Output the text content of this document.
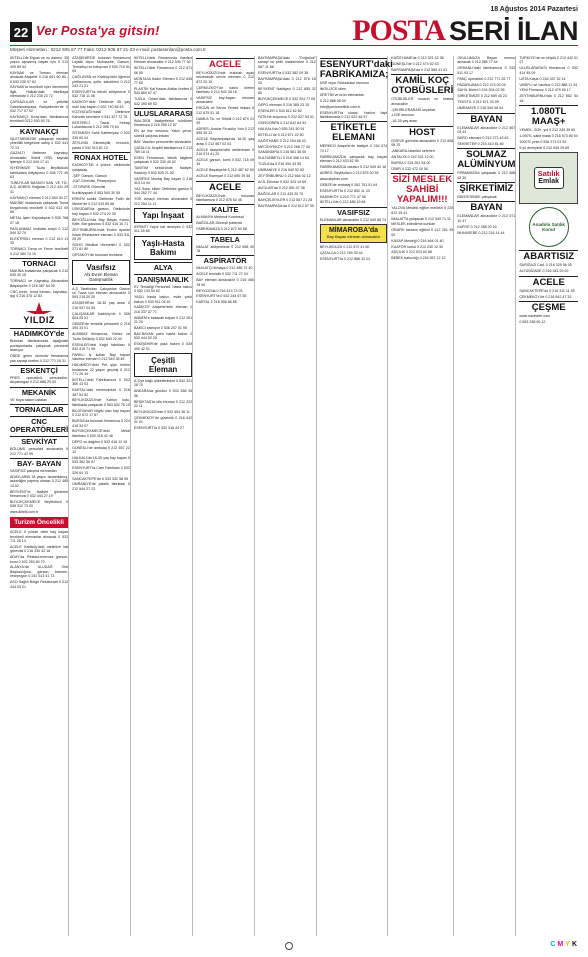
18 Ağustos 2014 Pazartesi
22 Ver Posta'ya gitsin!	POSTA SERİ İLAN
Müşteri Hizmetleri : 0212 505 67 77 Faks: 0212 505 67 21-23 e-mail: postaserilan@posta.com.tr
İKİTELLİ'de Eşyalı ve ısı dairesi, 35 yaşını aşmamış bayan için 0 212 409 89 54
KAYNAK ve Tornacı eleman alınacak Ataşehir 0 216 661 60 80 - 0 532 236 07 62
KAYNAK'ta tecrübeli işler demirlerle ilgili, Halkalı'daki fabrikaya elemanlar 0 212 235 23 72
ÇAYKAZLILAR ve yetkilisi Gaziosmanpaşa, Bahçelievler'de 0 532 717 07 02
KAYNAKÇI Kıraç'daki fabrikamıza tecrübeli 0212 530 93 76
KAYNAKÇI
İŞLETMEMİZDE çalışacak mesleki yeterlilik belgesine sahip 0 532 441 72 13
GAZALTI ötelenen kaynakçı alınacaktır, İkitelli OSB, kaynak işleriyle 0 212 549 17 41
İŞYERİMİZE Tuzla Beylikdüzü fabrikalara ihtiyaçımız 0 536 771 40 63
TUNUYLAR BASKISI SAN. VE TİC. A.Ş. ADRES: Bağcılar 0 212 441 29 41
KAYNAKÇI eleman 0 212 549 30 27
MAKİNE imalatında çalışacak Torna tezgahında tecrübeli 0 532 613 00 89
METAL İşleri Kaynakçılar 0 535 768 07 18
PASLANMAZ imalatta araçtı 0 212 549 32 79
ELEKTRİKLİ eleman 0 212 614 11 30
TORNACI Torna ve Freze tecrübeli 0 212 484 74 10
TORNACI
MAKİNA imalatında çalışacak 0 212 630 30 15
TORNACI ve Kaynakçı Alınacaktır Başakşehir 0 216 387 84 09
CNC freze, torna tornacı, kaynakçı, işçi 0 216 375 12 83
YILDIZ
HADIMKÖY'de
Bulunan fabrikamızda aşağıdaki pozisyonlarda çalışacak personel aranıyor
ÖNDE gelen otomotiv firmalarına yan sanayi üretimi 0 212 771 29 31
ESKENTÇİ
PRES operatörü, personeller, Akçaburgaz 0 212 886 29 53
MEKANİK
VE boya bakım ustaları
TORNACILAR
CNC OPERATÖRLERİ
SEVKİYAT
BÖLÜMÜ personeli alınacaktır 0 212 771 42 99
BAY- BAYAN
VASIFSIZ çalışma elemanları
ADAYLARIN 18 yaşını tamamlamış, askerliğini yapmış olması 0 212 485 14 62
BEYKENT'te faaliyet gösteren firmamıza 0 532 443 27 19
BÜYÜKÇEKMECE Beylikdüzü 0 538 312 73 00
www.ikitelli.com.tr
Turizm Öncelikli
ACELE 5 yıldızlı otele bay bayan tecrübeli elemanlar alınacak 0 532 711 28 14
ACELE Kadıköy'deki otelimize kat görevlisi 0 216 330 43 18
ADAY'da Restaurantımıza garson, komi 0 532 263 80 70
ALANYA'da ULUDAĞ Otel Başkanlığına, garson, barmen, resepsiyon 0 242 513 41 73
ASO Sağlık Bölge Restaurant 0 212 444 03 21
ATAŞEHİR'DE bulunan firmamızın Lojistik depo, Muhasebe, Garson, Temizlikçi ve bahçıvan 0 530 710 51 00
ÇAĞLAYAN ve Kurtköy'deki öğrenci yurtlarımıza, şoför, kaloriferci 0 212 243 21 21
ESENYURT'ta tekstil atölyemize 0 532 718 11 06
KADIKÖY'deki Otellerde 45 yaş üstü bay bayan 0 532 740 56 43
KOZYATAĞI'ndaki Otelimize Kahvaltı servisine 0 541 327 72 76
KESTİRİCİ Tavuk Kebap Lokantasına 0 212 396 79 64
SİTEMİZİN Sahil Kafeteryası 0 532 335 60 04
ZEYLİNDİ Ekmekçilik, fırıncılık, pasta 0 532 513 81 13
RONAX HOTEL
KADIKÖY'DE 4 yıldızlı, otelimizde çalışacak
-ŞEF Garson, Garson
-KAT Görevlisi, Resepsiyon
-STOPARK Görevlisi
Kurtköyspark 0 553 500 30 55
ERKEN sahibi Otellerde Fatih de Merter'de 0 212 519 69 66
ÜSKÜDAR'da garson, Otelimizde bay bayan 0 532 274 22 30
BEYOĞLU'nda Bay Bayan Kamu, Kafe, Bar garsonu 0 532 416 16 71
ZEYTİNBURNU'nda Evden ayarlar İslam Restaurant eleman 0 533 511 25 20
SOHO Medikal Hizmetleri 0 532 271 81 80
ORTAKÖY'de bulunan rezidans
Vasıfsız
Ahi Evren Eleman Danışmanlık
A.Ş Tarafından Çalışanları Gebze ve Tuzla için eleman alınacaktır 0 505 214 20 20
ATAŞEHİR'de 18-30 yaş arası 0 216 537 04 59
ÇALIŞANLAR Kadıköy'de 0 536 603 25 51
GEBZE'de temizlik personeli 0 216 394 33 01
ALIMIMIZ firmamıza, Gebze ve Tuzla Sefaköy 0 532 644 22 40
ESENLER'deki Kağıt fabrikası 0 532 410 71 98
FARKLI iş kolları Bay bayan Vasıfsız eleman 0 212 549 35 45
HADIMKÖY'deki Pet şişe üretim tesisimize 22 yaşını geçmiş 0 212 771 26 44
İKİTELLİ'deki Fabrikamıza 0 532 360 43 03
KARTAL'daki merkezimize 0 216 387 54 52
BEYLİKDÜZÜ'nde Karton kutu, fabrikada çalışacak 0 553 832 76 10
BİLGİSAYAR bilgisi olan bay bayan 0 212 672 17 87
BURSA'da bulunan firmamıza 0 224 410 34 07
BÜYÜKÇEKMECE'deki Metal fabrikası 0 530 318 42 48
DEPO ve dağıtım 0 532 416 12 15
GÜNEŞLİ'de ambalaj 0 212 657 22 12
HALKALI'da 18-35 yaş bay bayan 0 533 362 56 87
ESENYURT'ta Cam Fabrikası 0 532 326 64 13
SANCAKTEPE'de 0 533 342 58 95
ÜMRANİYE'de plastik fabrikası 0 212 544 27 23
İKİTELLİ'deki Firmamızda Vasıfsız Eleman alınacaktır 0 212 549 77 92
İKİTELLİ'deki Firmamıza 0 212 671 06 55
MONTAJA Kadın Elemen 0 212 635 77 65
PLASTİK Kal Kasrat Atıklar üretimi 0 543 860 67 47
TUZLA Ortam'daki fabrikamıza 0 532 390 69 53
ULUSLARARASI
İNAL'DEN faaliyetlerini sürdüren firmamıza 0 216 395 12 87
EN az lise mezunu, Yakın çevre, sürekli çalışma imkanı
BAY, Vasıfsız personeller alınacaktır
ÇATALCA, Kuşdili fabrikamıza 0 212 789 18 11
ESEN Firmamıza, teknik bilgilere çalışacak 0 532 330 40 02
TANITIM sektöründe faaliyet, Kadıköy 0 532 625 21 52
VASIFSIZ Montaj Bay bayan 0 216 313 14 44
YAZ Sonu ekleri Otelimize garson 0 544 262 77 44
YOK Amaçlı eleman alınacaktır 0 212 254 11 11
Yapı İnşaat
AYRINTI Yapılı kat deneyim 0 532 311 45 65
Yaşlı-Hasta Bakımı
ALYA
DANIŞMANLIK
EV Temizliği Personeli, hasta bakıcı 0 532 133 54 62
YAŞLI hasta bakıcı, evde yatılı bakım 0 530 911 04 30
KADIKÖY Ataşehir'deki eleman 0 216 337 37 71
ANNEM'e bakacak bayan 0 212 261 21 20
BAKICI aranıyor 0 536 207 01 95
BAY-BAYAN yatılı hasta bakıcı 0 532 444 52 25
ESKİŞEHİR'de yaşlı bakım 0 539 490 42 01
Çeşitli Eleman
A.Ş'ye bağlı şirketlerimize 0 532 321 28 70
ANKARA'da gündüz 0 533 266 35 56
BEŞİKTAŞ'ta ofis eleman 0 212 222 22 11
BEYLİKDÜZÜ'nde 0 532 404 36 11
ÇEKMEKÖY'de güvenlik 0 216 642 01 01
ESENYURT'ta 0 532 318 44 27
ACELE
BEYLİKDÜZÜ'nde bulunan ayak müzesinde servis elemanı 0 212 872 20 15
ÇERKEZKÖY'de kablo üretim fabrikası 0 212 641 38 16
VASIFSIZ bay-bayan eleman alınacaktır
ERGUN ve Servis Yemek imkanı 0 212 875 51 18
DAMLA Tic. ve Tekstil 0 212 879 21 09
ADRES: Avcılar Firuzköy Yolu 0 212 595 35 12
ACELE Bayrampaşa'da 18-30 yaş arası 0 212 567 02 03
ACELE Ataşehir'deki otellerimize 0 216 574 41 20
ACELE garson, komi 0 532 718 49 39
ACELE Başakşehir 0 212 487 62 90
ACELE Esenyurt 0 212 690 39 55
ACELE
BEYLİKDÜZÜ'nde bulunan fabrikamıza 0 212 875 52 45
KALİTE
ALMANYA Merkezli Kurumsal
BAĞCILAR-Güneşli şubemiz
FABRİKAMIZA 0 212 872 50 68
TABELA
İMALAT atölyemizde 0 212 658 40 78
ASPİRATÖR
İMALATÇI firmaya 0 212 486 72 40
ACELE temizlik 0 532 711 27 04
BAY eleman alınacaktır 0 216 466 78 50
BEYKOZ'da 0 216 413 73 03
ESENYURT'ta 0 532 244 67 55
KARTAL 0 216 306 85 85
BAYRAMPAŞA'daki "Doğruluk" sanayi ve çelik malzemeleri 0 212 567 11 86
ESENYURT'ta 0 532 382 09 38
BAYRAMPAŞA'daki 0 212 576 18 03
BEYKENT Nakliyeci 0 212 855 32 80
BÜYÜKÇEKMECE 0 532 204 77 05
DEPO elemanı 0 216 365 23 15
ESENLER 0 533 612 62 62
FATİH'te kuyumcu 0 212 527 54 01
GÜNGÖREN 0 212 642 84 53
HALKALI'da 0 535 241 50 91
İKİTELLİ'de 0 212 671 22 80
KAĞITHANE 0 212 294 68 03
MECİDİYEKÖY 0 212 266 77 40
SAMANDIRA 0 216 561 38 00
SULTANBEYLİ 0 216 398 14 63
TUZLA'da 0 216 394 33 55
ÜMRANİYE 0 216 540 52 63
ZEYTİNBURNU 0 212 664 02 12
ACİL Eleman 0 532 423 19 69
AVCILAR'da 0 212 591 07 38
BAĞCILAR 0 212 433 20 70
BAHÇELİEVLER 0 212 557 21 28
BAYRAMPAŞA'da 0 212 612 57 35
ESENYURT'daki FABRİKAMIZA;
ÜSE veya Yüksekokul mezunu
İNGİLİZCE bilen
ÜRETİM ve ürün elemanları
0 212 886 06 00
info@yeniomelitrik.com.tr
ESENYURT'ta ulusal, Yazılım Vapi fabrikamızda 0 212 622 46 97
ETİKETLE ELEMANI
MERKEZİ Ataşehir'de faaliyet 0 216 574 74 17
FABRİKAMIZDA çalışacak bay bayan eleman 0 212 433 62 95
FABRİKAMIZDA vasıfsız 0 212 549 40 16
ADRES: Beylikdüzü 0 212 875 30 55
www.abpilan.com
GEBZE'de ambalaj 0 262 751 51 64
ESENYURT'ta 0 212 852 11 33
HADIMKÖY 0 212 771 47 56
İKİTELLİ'de 0 212 486 19 64
VASIFSIZ
ELEMANLAR alınacaktır 0 212 549 86 74
MİMAROBA'da
Bay Bayan eleman alınacaktır
BEYLİKDÜZÜ 0 212 872 41 50
ÇATALCA 0 212 789 33 44
ESENYURT'ta 0 212 886 43 23
KAĞITHANE'de 0 212 321 42 38
GÜNEŞLİ'de 0 212 474 62 43
BAYRAMPAŞA'da 0 212 565 41 41
KAMİL KOÇ OTOBÜSLERİ
OTOBÜSLER muavin ve hostes alınacaktır
-ŞEHİRLERARASI seyahat
-LİSE mezunu
-18-26 yaş arası
HOST
İŞVEVE görevlisi alınacaktır 0 212 658 08 70
-ANKARA-İstanbul seferleri
ANTALYA 0 242 331 12 00
BURSA 0 224 261 54 00
İZMİR 0 232 472 00 50
SİZİ MESLEK SAHİBİ YAPALIM!!!
YALOVA Mesleki eğitim merkezi 0 226 812 15 41
İMALATTA çalışacak 0 212 549 71 11
MESLEK edindirme kursları
GRAFİK tasarım eğitimi 0 212 251 45 00
KASAP Mesleği 0 216 464 01 40
KUAFÖR kursu 0 212 230 12 30
AŞÇILIK 0 212 523 62 86
BEBEK bakıcılığı 0 216 357 12 12
OKULUMUZA Bayan memur alınacak 0 212 285 77 44
ORHANLI'daki fabrikamıza 0 532 511 93 17
PANÇ operatörü 0 212 771 26 77
PAZARLAMA 0 212 474 00 04
SAHİL Birimi 0 216 304 02 95
ŞİRKETİMİZE 0 212 659 45 23
TEKSTİL 0 212 671 33 99
ÜMRANİYE 0 216 540 98 54
BAYAN
ELEMANLAR alınacaktır 0 212 567 03 44
BÜRO elemanı 0 212 272 43 62
SEKRETER 0 216 410 81 80
SOLMAZ ALÜMİNYUM
FİRMAMIZDA çalışacak 0 212 886 63 30
ŞİRKETİMİZ
BÜNYESİNDE çalışacak
BAYAN
ELEMANLAR alınacaktır 0 212 571 10 47
KURYE 0 212 288 20 16
MUHASEBE 0 212 216 14 44
TÜRKİYE'nin en büyük 0 212 442 01 27
ULUSLARARASI firmamıza 0 532 414 45 09
USTA Kaşık 0 216 337 32 14
VASIFLI ve vasıfsız 0 212 886 11 34
YENİ Firmamız 0 212 479 50 17
ZEYTİNBURNU'nda 0 212 582 54 18
1.080TL MAAŞ+
YEMEK, SGK, yol 0 212 249 39 60
1.000TL sabit maaş 0 216 573 80 04
1000TL prim 0 536 373 01 52
5 yıl deneyimli 0 212 549 29 69
Satılık
Emlak
Anadolu Satılık Konut
ABARTISIZ
SARIGAZİ Cad. 0 216 329 06 00
ALTUNİZADE 0 216 341 29 20
ACELE
SANCAKTEPE'de 0 216 311 11 45
ÇEKMEKÖY'de 0 216 642 47 33
ÇEŞME
www.nazevleri.com
0 553 338 90 12
C M Y K
